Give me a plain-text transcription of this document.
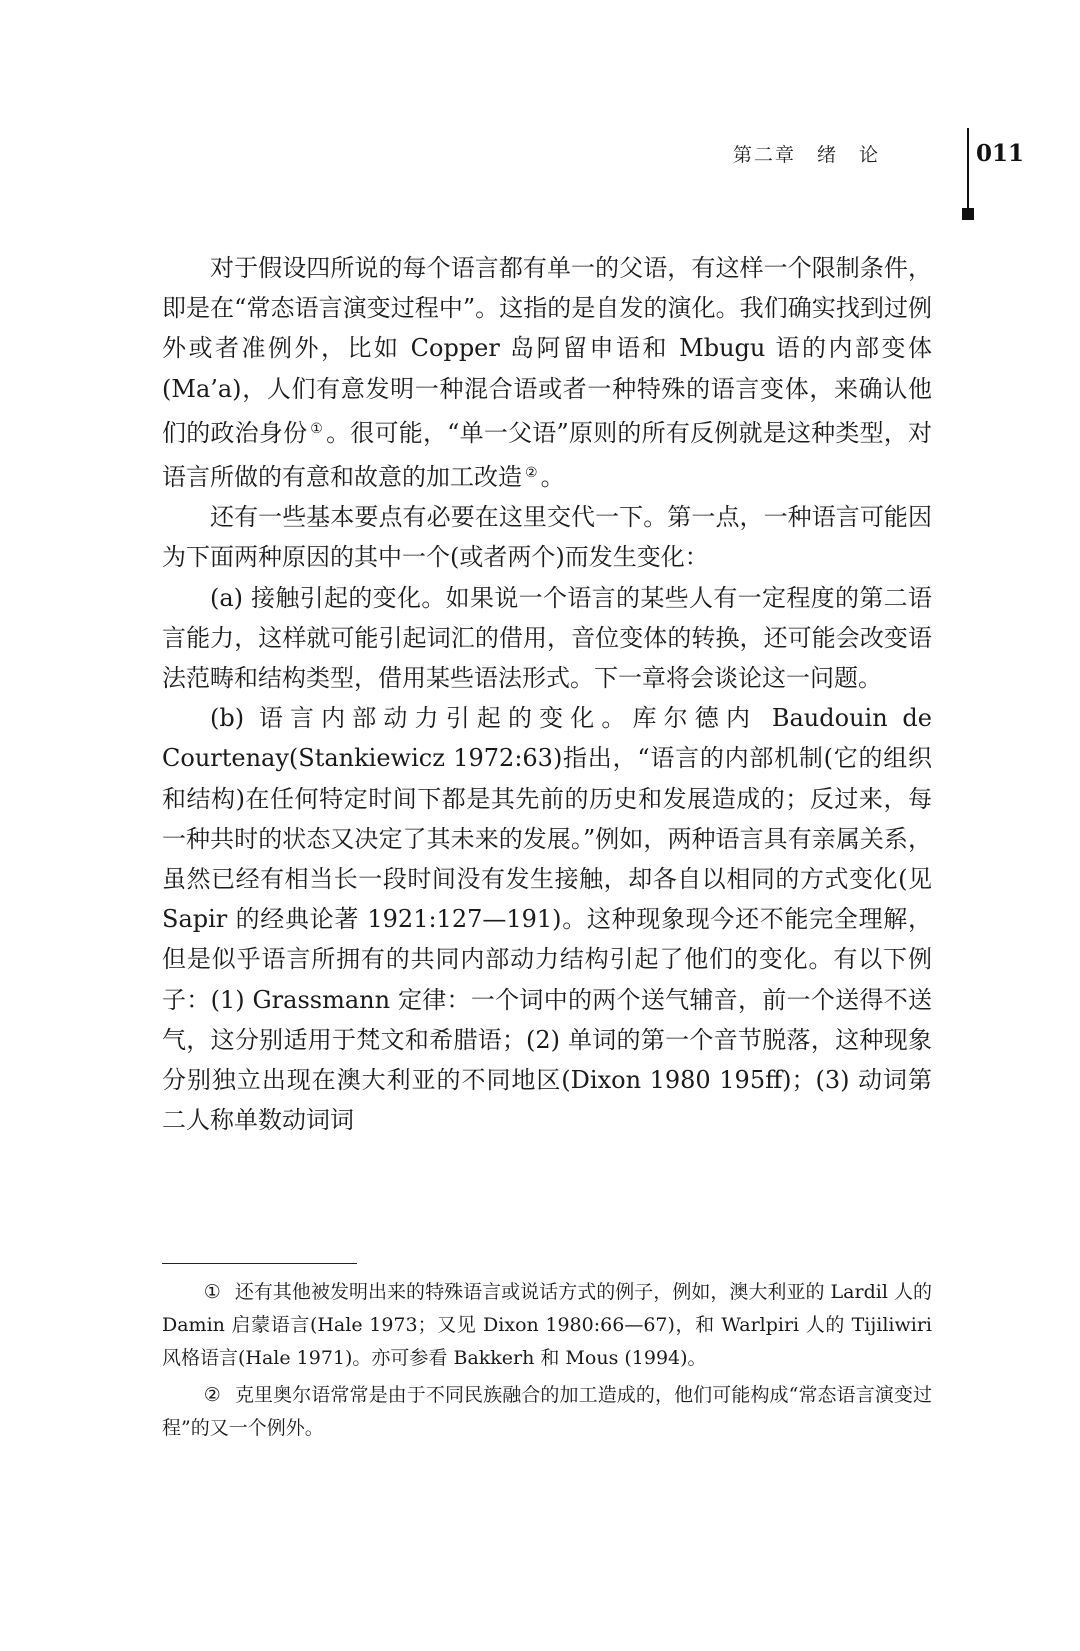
第二章　绪　论	011

对于假设四所说的每个语言都有单一的父语，有这样一个限制条件，即是在“常态语言演变过程中”。这指的是自发的演化。我们确实找到过例外或者准例外，比如 Copper 岛阿留申语和 Mbugu 语的内部变体(Ma’a)，人们有意发明一种混合语或者一种特殊的语言变体，来确认他们的政治身份 ① 。很可能，“单一父语”原则的所有反例就是这种类型，对语言所做的有意和故意的加工改造 ② 。

还有一些基本要点有必要在这里交代一下。第一点，一种语言可能因为下面两种原因的其中一个(或者两个)而发生变化：

(a) 接触引起的变化。如果说一个语言的某些人有一定程度的第二语言能力，这样就可能引起词汇的借用，音位变体的转换，还可能会改变语法范畴和结构类型，借用某些语法形式。下一章将会谈论这一问题。

(b) 语言内部动力引起的变化。库尔德内 Baudouin de Courtenay(Stankiewicz 1972:63)指出，“语言的内部机制(它的组织和结构)在任何特定时间下都是其先前的历史和发展造成的；反过来，每一种共时的状态又决定了其未来的发展。”例如，两种语言具有亲属关系，虽然已经有相当长一段时间没有发生接触，却各自以相同的方式变化(见 Sapir 的经典论著 1921:127—191)。这种现象现今还不能完全理解，但是似乎语言所拥有的共同内部动力结构引起了他们的变化。有以下例子：(1) Grassmann 定律：一个词中的两个送气辅音，前一个送得不送气，这分别适用于梵文和希腊语；(2) 单词的第一个音节脱落，这种现象分别独立出现在澳大利亚的不同地区(Dixon 1980 195ff)；(3) 动词第二人称单数动词词

① 还有其他被发明出来的特殊语言或说话方式的例子，例如，澳大利亚的 Lardil 人的 Damin 启蒙语言(Hale 1973；又见 Dixon 1980:66—67)，和 Warlpiri 人的 Tijiliwiri 风格语言(Hale 1971)。亦可参看 Bakkerh 和 Mous (1994)。

② 克里奥尔语常常是由于不同民族融合的加工造成的，他们可能构成“常态语言演变过程”的又一个例外。
